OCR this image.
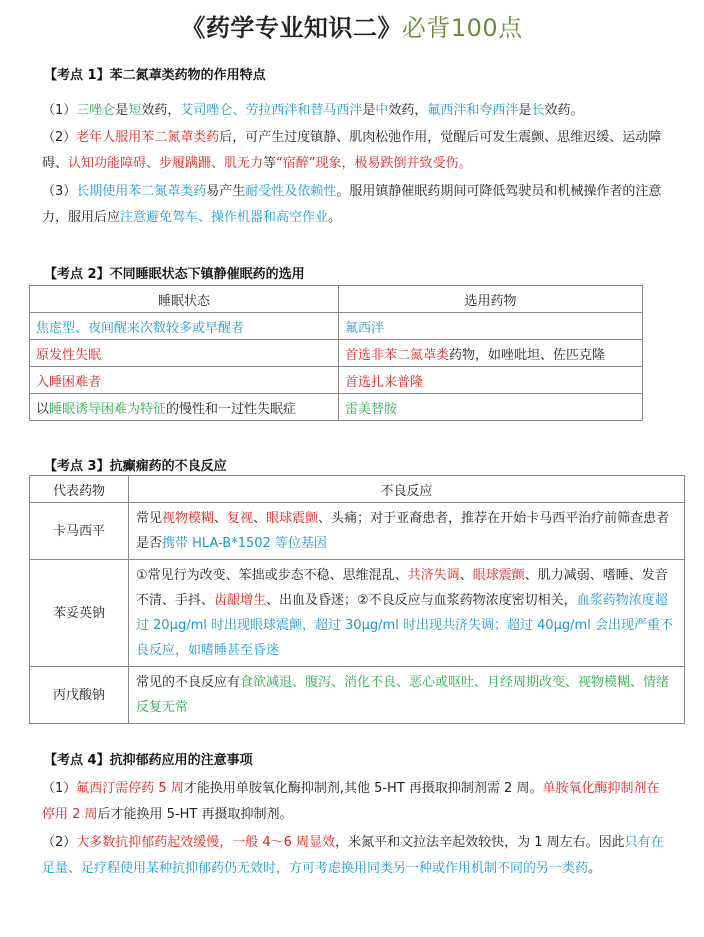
《药学专业知识二》必背100点
【考点 1】苯二氮䓬类药物的作用特点
（1）三唑仑是短效药，艾司唑仑、劳拉西泮和替马西泮是中效药，氟西泮和夸西泮是长效药。
（2）老年人服用苯二氮䓬类药后，可产生过度镇静、肌肉松弛作用，觉醒后可发生震颤、思维迟缓、运动障碍、认知功能障碍、步履蹒跚、肌无力等“宿醉”现象，极易跌倒并致受伤。
（3）长期使用苯二氮䓬类药易产生耐受性及依赖性。服用镇静催眠药期间可降低驾驶员和机械操作者的注意力，服用后应注意避免驾车、操作机器和高空作业。
【考点 2】不同睡眠状态下镇静催眠药的选用
睡眠状态	选用药物
焦虑型、夜间醒来次数较多或早醒者	氟西泮
原发性失眠	首选非苯二氮䓬类药物，如唑吡坦、佐匹克隆
入睡困难者	首选扎来普隆
以睡眠诱导困难为特征的慢性和一过性失眠症	雷美替胺
【考点 3】抗癫痫药的不良反应
代表药物	不良反应
卡马西平	常见视物模糊、复视、眼球震颤、头痛；对于亚裔患者，推荐在开始卡马西平治疗前筛查患者是否携带 HLA-B*1502 等位基因
苯妥英钠	①常见行为改变、笨拙或步态不稳、思维混乱、共济失调、眼球震颤、肌力减弱、嗜睡、发音不清、手抖、齿龈增生、出血及昏迷；②不良反应与血浆药物浓度密切相关，血浆药物浓度超过 20μg/ml 时出现眼球震颤，超过 30μg/ml 时出现共济失调；超过 40μg/ml 会出现严重不良反应，如嗜睡甚至昏迷
丙戊酸钠	常见的不良反应有食欲减退、腹泻、消化不良、恶心或呕吐、月经周期改变、视物模糊、情绪反复无常
【考点 4】抗抑郁药应用的注意事项
（1）氟西汀需停药 5 周才能换用单胺氧化酶抑制剂,其他 5-HT 再摄取抑制剂需 2 周。单胺氧化酶抑制剂在停用 2 周后才能换用 5-HT 再摄取抑制剂。
（2）大多数抗抑郁药起效缓慢，一般 4～6 周显效，米氮平和文拉法辛起效较快，为 1 周左右。因此只有在足量、足疗程使用某种抗抑郁药仍无效时，方可考虑换用同类另一种或作用机制不同的另一类药。
